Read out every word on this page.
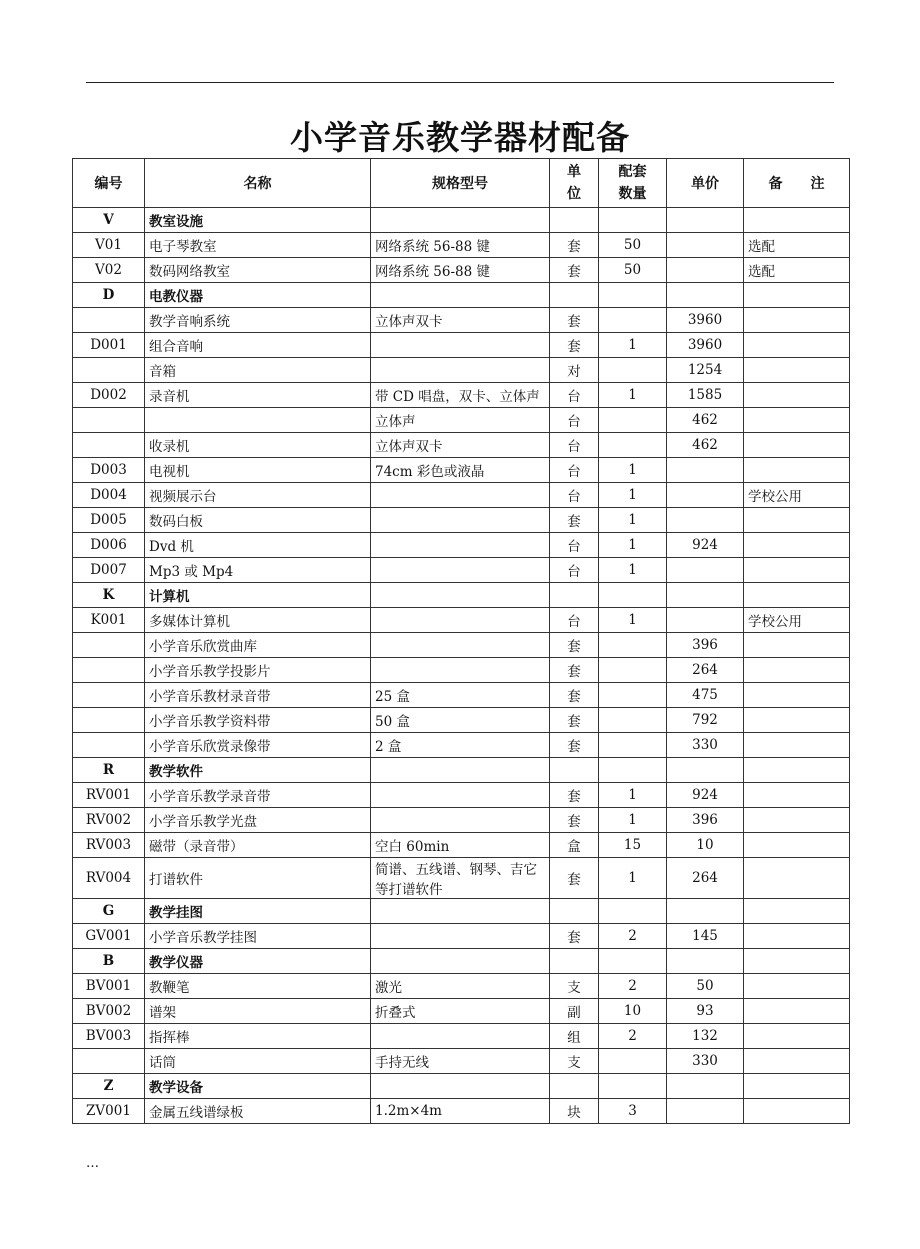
小学音乐教学器材配备
编号	名称	规格型号	单位	配套数量	单价	备　　注
V	教室设施					
V01	电子琴教室	网络系统 56-88 键	套	50		选配
V02	数码网络教室	网络系统 56-88 键	套	50		选配
D	电教仪器					
	教学音响系统	立体声双卡	套		3960	
D001	组合音响		套	1	3960	
	音箱		对		1254	
D002	录音机	带 CD 唱盘，双卡、立体声	台	1	1585	
		立体声	台		462	
	收录机	立体声双卡	台		462	
D003	电视机	74cm 彩色或液晶	台	1		
D004	视频展示台		台	1		学校公用
D005	数码白板		套	1		
D006	Dvd 机		台	1	924	
D007	Mp3 或 Mp4		台	1		
K	计算机					
K001	多媒体计算机		台	1		学校公用
	小学音乐欣赏曲库		套		396	
	小学音乐教学投影片		套		264	
	小学音乐教材录音带	25 盒	套		475	
	小学音乐教学资料带	50 盒	套		792	
	小学音乐欣赏录像带	2 盒	套		330	
R	教学软件					
RV001	小学音乐教学录音带		套	1	924	
RV002	小学音乐教学光盘		套	1	396	
RV003	磁带（录音带）	空白 60min	盒	15	10	
RV004	打谱软件	简谱、五线谱、钢琴、吉它等打谱软件	套	1	264	
G	教学挂图					
GV001	小学音乐教学挂图		套	2	145	
B	教学仪器					
BV001	教鞭笔	激光	支	2	50	
BV002	谱架	折叠式	副	10	93	
BV003	指挥棒		组	2	132	
	话筒	手持无线	支		330	
Z	教学设备					
ZV001	金属五线谱绿板	1.2m×4m	块	3		
…
